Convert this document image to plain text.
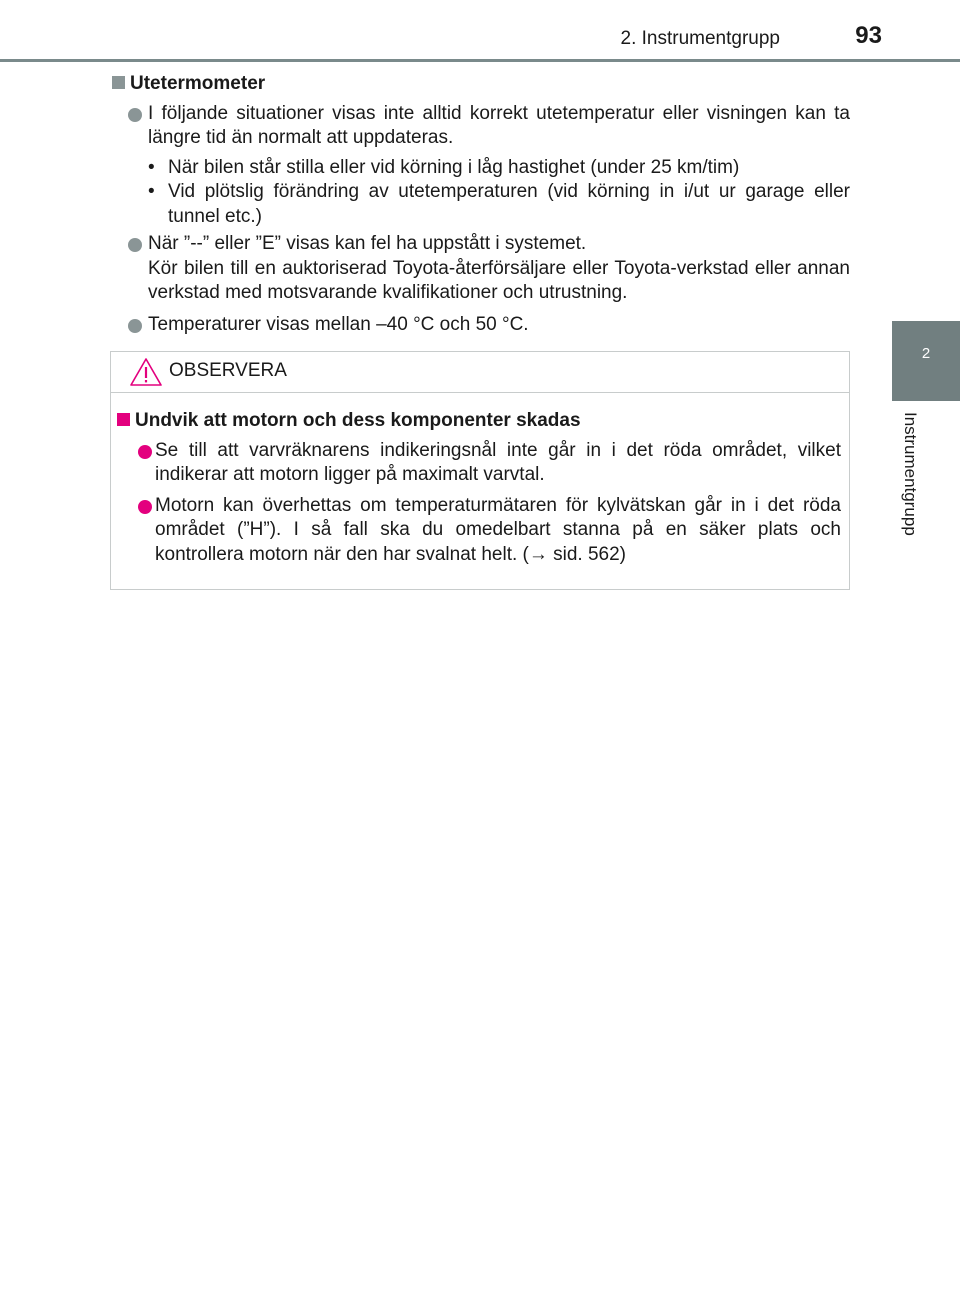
2. Instrumentgrupp	93
2
Instrumentgrupp
Utetermometer
I följande situationer visas inte alltid korrekt utetemperatur eller visningen kan ta längre tid än normalt att uppdateras.
• När bilen står stilla eller vid körning i låg hastighet (under 25 km/tim)
• Vid plötslig förändring av utetemperaturen (vid körning in i/ut ur garage eller tunnel etc.)
När ”--” eller ”E” visas kan fel ha uppstått i systemet.
Kör bilen till en auktoriserad Toyota-återförsäljare eller Toyota-verkstad eller annan verkstad med motsvarande kvalifikationer och utrustning.
Temperaturer visas mellan –40 °C och 50 °C.
OBSERVERA
Undvik att motorn och dess komponenter skadas
Se till att varvräknarens indikeringsnål inte går in i det röda området, vilket indikerar att motorn ligger på maximalt varvtal.
Motorn kan överhettas om temperaturmätaren för kylvätskan går in i det röda området (”H”). I så fall ska du omedelbart stanna på en säker plats och kontrollera motorn när den har svalnat helt. (→ sid. 562)
